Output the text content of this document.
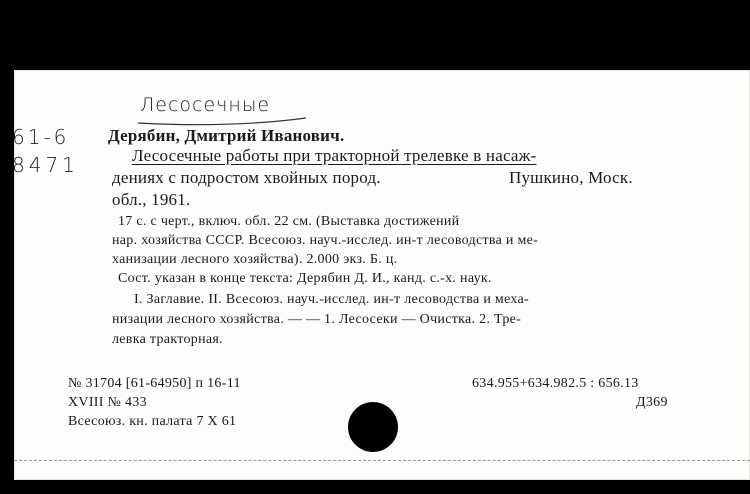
Лесосечные
61-6
8471
Дерябин, Дмитрий Иванович.
Лесосечные работы при тракторной трелевке в насаж-
дениях с подростом хвойных пород.	Пушкино, Моск.
обл., 1961.
17 с. с черт., включ. обл. 22 см. (Выставка достижений
нар. хозяйства СССР. Всесоюз. науч.-исслед. ин-т лесоводства и ме-
ханизации лесного хозяйства). 2.000 экз. Б. ц.
Сост. указан в конце текста: Дерябин Д. И., канд. с.-х. наук.
I. Заглавие. II. Всесоюз. науч.-исслед. ин-т лесоводства и меха-
низации лесного хозяйства. — — 1. Лесосеки — Очистка. 2. Тре-
левка тракторная.
№ 31704 [61-64950] п 16-11
XVIII № 433
Всесоюз. кн. палата 7 X 61
634.955+634.982.5 : 656.13
Д369
